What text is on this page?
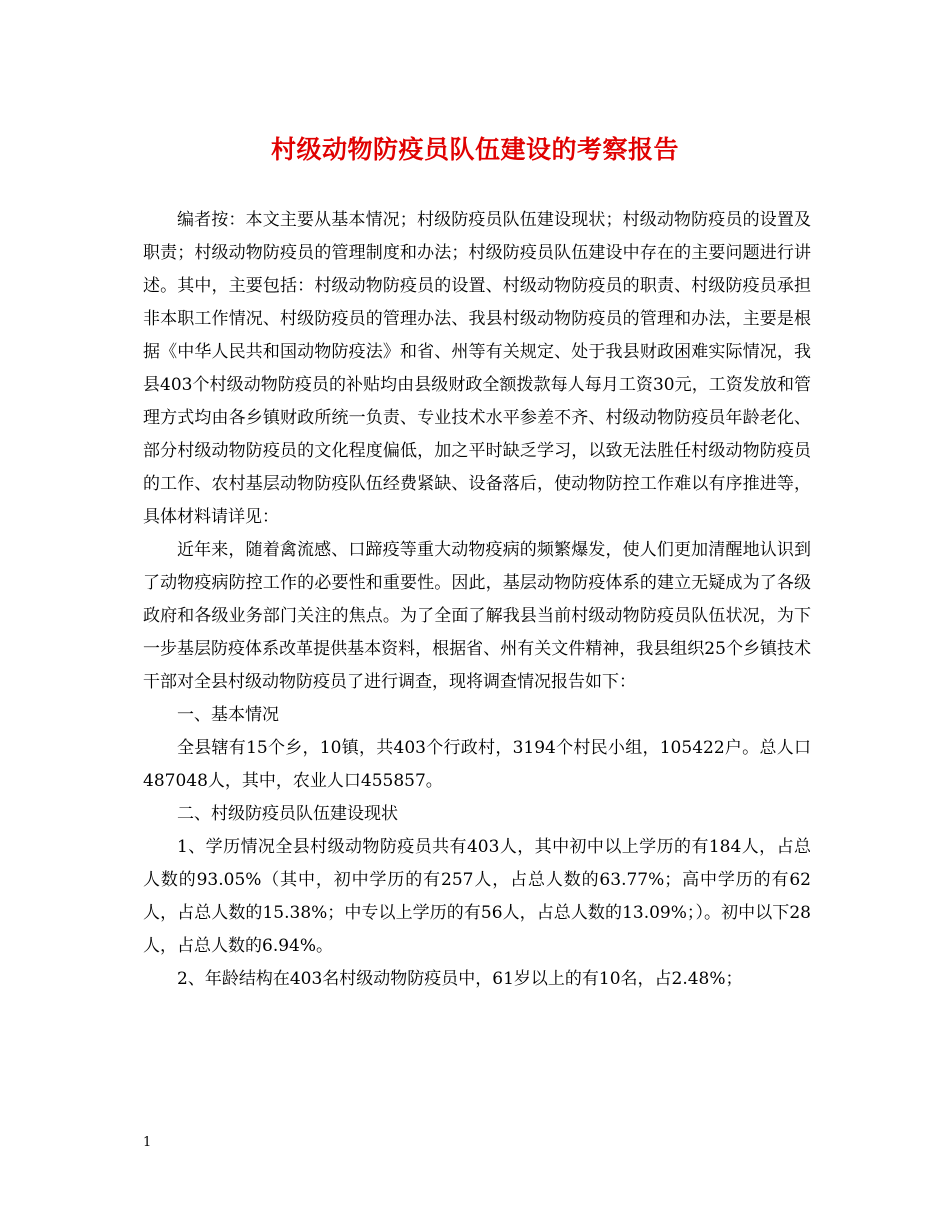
村级动物防疫员队伍建设的考察报告

编者按：本文主要从基本情况；村级防疫员队伍建设现状；村级动物防疫员的设置及职责；村级动物防疫员的管理制度和办法；村级防疫员队伍建设中存在的主要问题进行讲述。其中，主要包括：村级动物防疫员的设置、村级动物防疫员的职责、村级防疫员承担非本职工作情况、村级防疫员的管理办法、我县村级动物防疫员的管理和办法，主要是根据《中华人民共和国动物防疫法》和省、州等有关规定、处于我县财政困难实际情况，我县403个村级动物防疫员的补贴均由县级财政全额拨款每人每月工资30元，工资发放和管理方式均由各乡镇财政所统一负责、专业技术水平参差不齐、村级动物防疫员年龄老化、部分村级动物防疫员的文化程度偏低，加之平时缺乏学习，以致无法胜任村级动物防疫员的工作、农村基层动物防疫队伍经费紧缺、设备落后，使动物防控工作难以有序推进等，具体材料请详见：

近年来，随着禽流感、口蹄疫等重大动物疫病的频繁爆发，使人们更加清醒地认识到了动物疫病防控工作的必要性和重要性。因此，基层动物防疫体系的建立无疑成为了各级政府和各级业务部门关注的焦点。为了全面了解我县当前村级动物防疫员队伍状况，为下一步基层防疫体系改革提供基本资料，根据省、州有关文件精神，我县组织25个乡镇技术干部对全县村级动物防疫员了进行调查，现将调查情况报告如下：

一、基本情况

全县辖有15个乡，10镇，共403个行政村，3194个村民小组，105422户。总人口487048人，其中，农业人口455857。

二、村级防疫员队伍建设现状

1、学历情况全县村级动物防疫员共有403人，其中初中以上学历的有184人，占总人数的93.05%（其中，初中学历的有257人，占总人数的63.77%；高中学历的有62人，占总人数的15.38%；中专以上学历的有56人，占总人数的13.09%；）。初中以下28人，占总人数的6.94%。

2、年龄结构在403名村级动物防疫员中，61岁以上的有10名，占2.48%；

1
